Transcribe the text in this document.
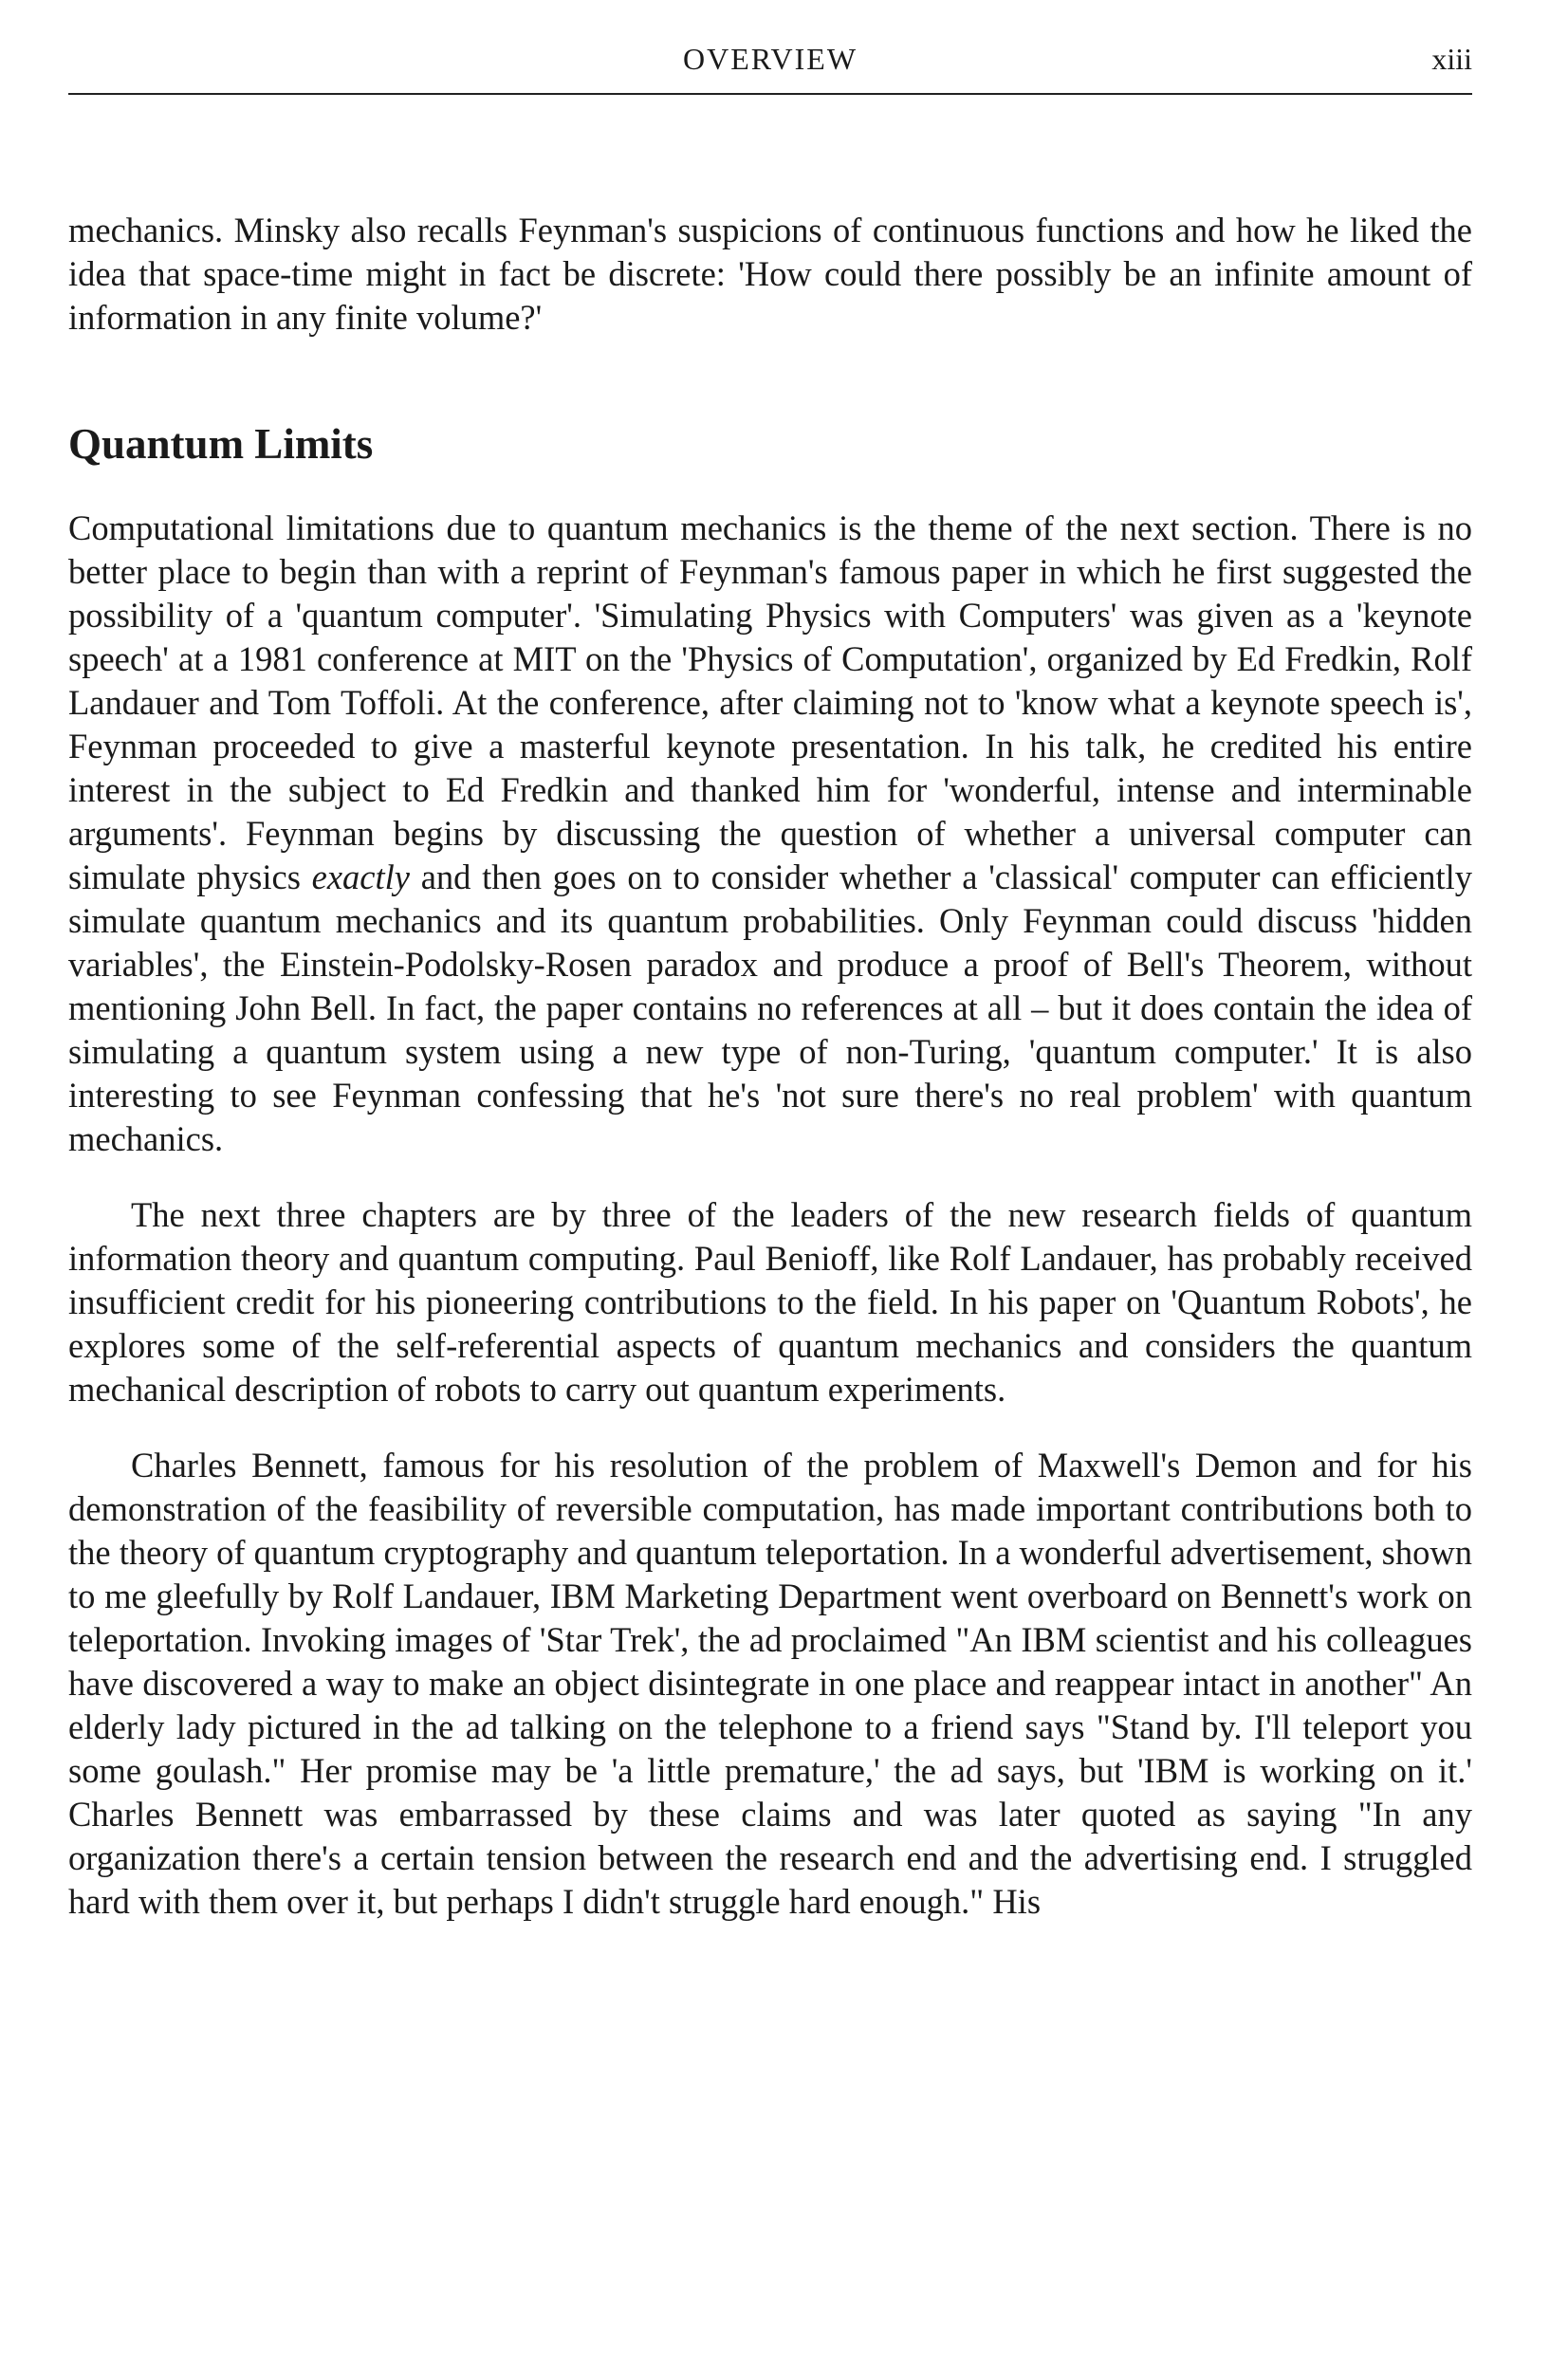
OVERVIEW	xiii

mechanics. Minsky also recalls Feynman's suspicions of continuous functions and how he liked the idea that space-time might in fact be discrete: 'How could there possibly be an infinite amount of information in any finite volume?'

Quantum Limits

Computational limitations due to quantum mechanics is the theme of the next section. There is no better place to begin than with a reprint of Feynman's famous paper in which he first suggested the possibility of a 'quantum computer'. 'Simulating Physics with Computers' was given as a 'keynote speech' at a 1981 conference at MIT on the 'Physics of Computation', organized by Ed Fredkin, Rolf Landauer and Tom Toffoli. At the conference, after claiming not to 'know what a keynote speech is', Feynman proceeded to give a masterful keynote presentation. In his talk, he credited his entire interest in the subject to Ed Fredkin and thanked him for 'wonderful, intense and interminable arguments'. Feynman begins by discussing the question of whether a universal computer can simulate physics exactly and then goes on to consider whether a 'classical' computer can efficiently simulate quantum mechanics and its quantum probabilities. Only Feynman could discuss 'hidden variables', the Einstein-Podolsky-Rosen paradox and produce a proof of Bell's Theorem, without mentioning John Bell. In fact, the paper contains no references at all – but it does contain the idea of simulating a quantum system using a new type of non-Turing, 'quantum computer.' It is also interesting to see Feynman confessing that he's 'not sure there's no real problem' with quantum mechanics.

The next three chapters are by three of the leaders of the new research fields of quantum information theory and quantum computing. Paul Benioff, like Rolf Landauer, has probably received insufficient credit for his pioneering contributions to the field. In his paper on 'Quantum Robots', he explores some of the self-referential aspects of quantum mechanics and considers the quantum mechanical description of robots to carry out quantum experiments.

Charles Bennett, famous for his resolution of the problem of Maxwell's Demon and for his demonstration of the feasibility of reversible computation, has made important contributions both to the theory of quantum cryptography and quantum teleportation. In a wonderful advertisement, shown to me gleefully by Rolf Landauer, IBM Marketing Department went overboard on Bennett's work on teleportation. Invoking images of 'Star Trek', the ad proclaimed "An IBM scientist and his colleagues have discovered a way to make an object disintegrate in one place and reappear intact in another" An elderly lady pictured in the ad talking on the telephone to a friend says "Stand by. I'll teleport you some goulash." Her promise may be 'a little premature,' the ad says, but 'IBM is working on it.' Charles Bennett was embarrassed by these claims and was later quoted as saying "In any organization there's a certain tension between the research end and the advertising end. I struggled hard with them over it, but perhaps I didn't struggle hard enough." His
